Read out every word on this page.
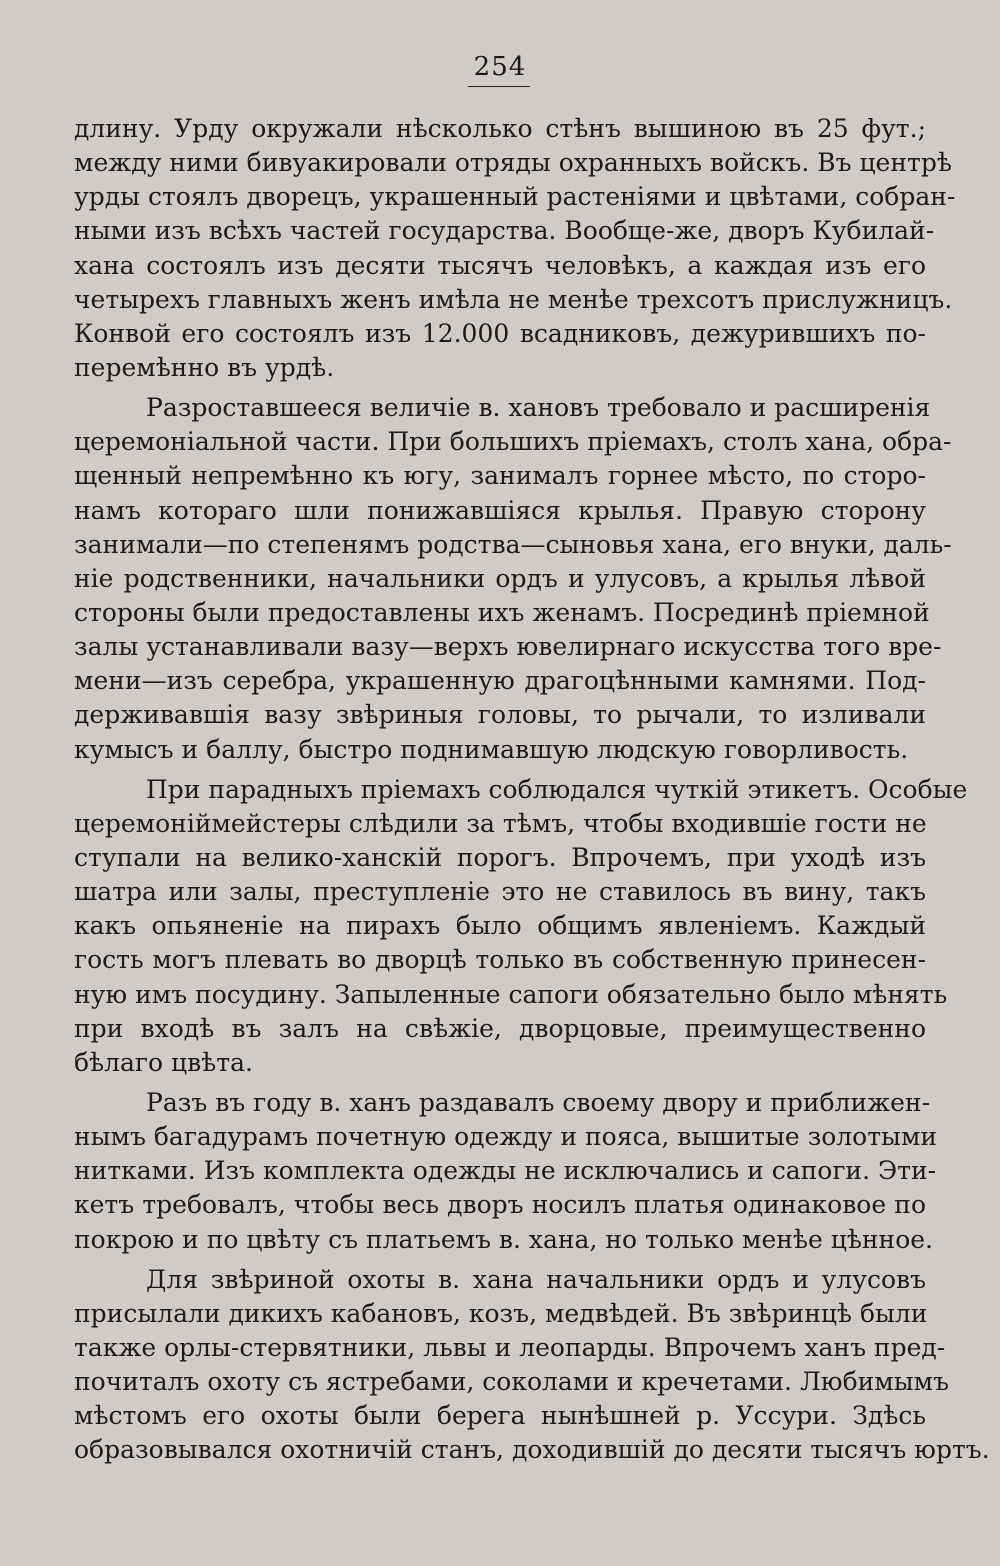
254
длину. Урду окружали нѣсколько стѣнъ вышиною въ 25 фут.;
между ними бивуакировали отряды охранныхъ войскъ. Въ центрѣ
урды стоялъ дворецъ, украшенный растеніями и цвѣтами, собран-
ными изъ всѣхъ частей государства. Вообще-же, дворъ Кубилай-
хана состоялъ изъ десяти тысячъ человѣкъ, а каждая изъ его
четырехъ главныхъ женъ имѣла не менѣе трехсотъ прислужницъ.
Конвой его состоялъ изъ 12.000 всадниковъ, дежурившихъ по-
перемѣнно въ урдѣ.
Разроставшееся величіе в. хановъ требовало и расширенія
церемоніальной части. При большихъ пріемахъ, столъ хана, обра-
щенный непремѣнно къ югу, занималъ горнее мѣсто, по сторо-
намъ котораго шли понижавшіяся крылья. Правую сторону
занимали—по степенямъ родства—сыновья хана, его внуки, даль-
ніе родственники, начальники ордъ и улусовъ, а крылья лѣвой
стороны были предоставлены ихъ женамъ. Посрединѣ пріемной
залы устанавливали вазу—верхъ ювелирнаго искусства того вре-
мени—изъ серебра, украшенную драгоцѣнными камнями. Под-
держивавшія вазу звѣриныя головы, то рычали, то изливали
кумысъ и баллу, быстро поднимавшую людскую говорливость.
При парадныхъ пріемахъ соблюдался чуткій этикетъ. Особые
церемоніймейстеры слѣдили за тѣмъ, чтобы входившіе гости не
ступали на велико-ханскій порогъ. Впрочемъ, при уходѣ изъ
шатра или залы, преступленіе это не ставилось въ вину, такъ
какъ опьяненіе на пирахъ было общимъ явленіемъ. Каждый
гость могъ плевать во дворцѣ только въ собственную принесен-
ную имъ посудину. Запыленные сапоги обязательно было мѣнять
при входѣ въ залъ на свѣжіе, дворцовые, преимущественно
бѣлаго цвѣта.
Разъ въ году в. ханъ раздавалъ своему двору и приближен-
нымъ багадурамъ почетную одежду и пояса, вышитые золотыми
нитками. Изъ комплекта одежды не исключались и сапоги. Эти-
кетъ требовалъ, чтобы весь дворъ носилъ платья одинаковое по
покрою и по цвѣту съ платьемъ в. хана, но только менѣе цѣнное.
Для звѣриной охоты в. хана начальники ордъ и улусовъ
присылали дикихъ кабановъ, козъ, медвѣдей. Въ звѣринцѣ были
также орлы-стервятники, львы и леопарды. Впрочемъ ханъ пред-
почиталъ охоту съ ястребами, соколами и кречетами. Любимымъ
мѣстомъ его охоты были берега нынѣшней р. Уссури. Здѣсь
образовывался охотничій станъ, доходившій до десяти тысячъ юртъ.
